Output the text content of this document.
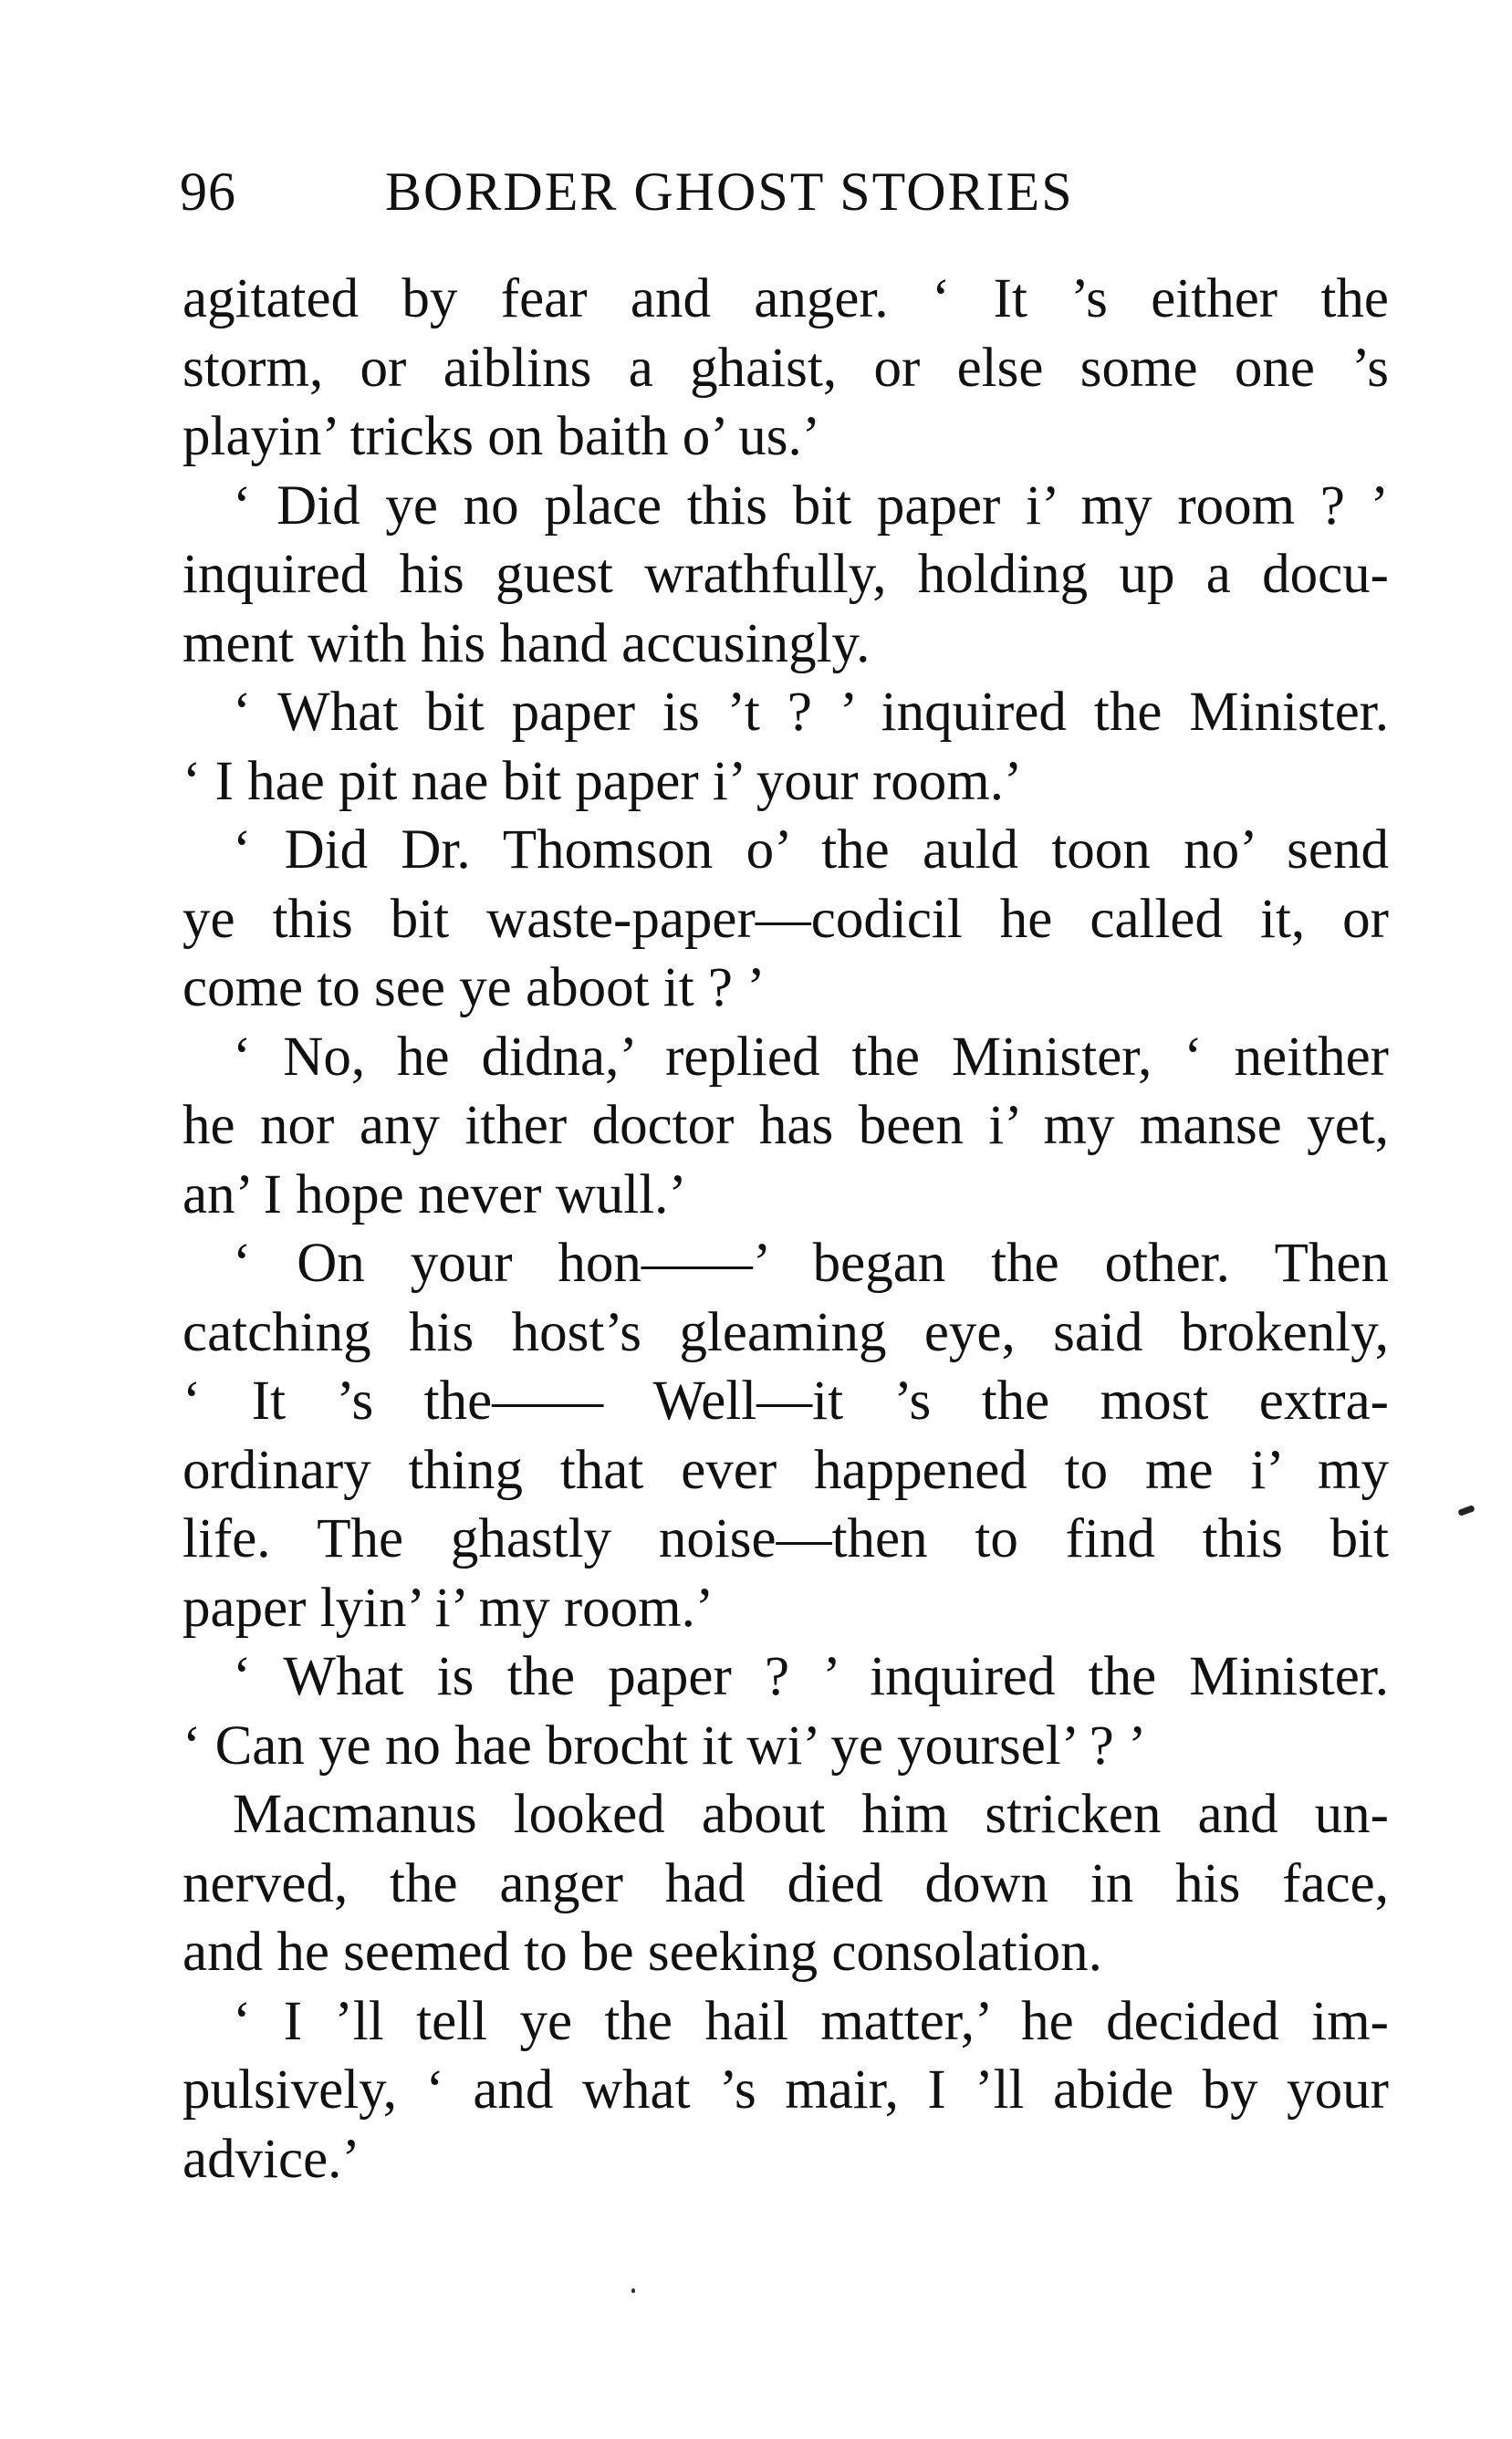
96	BORDER GHOST STORIES
agitated by fear and anger. ‘ It ’s either the
storm, or aiblins a ghaist, or else some one ’s
playin’ tricks on baith o’ us.’
‘ Did ye no place this bit paper i’ my room ? ’
inquired his guest wrathfully, holding up a docu-
ment with his hand accusingly.
‘ What bit paper is ’t ? ’ inquired the Minister.
‘ I hae pit nae bit paper i’ your room.’
‘ Did Dr. Thomson o’ the auld toon no’ send
ye this bit waste-paper—codicil he called it, or
come to see ye aboot it ? ’
‘ No, he didna,’ replied the Minister, ‘ neither
he nor any ither doctor has been i’ my manse yet,
an’ I hope never wull.’
‘ On your hon——’ began the other. Then
catching his host’s gleaming eye, said brokenly,
‘ It ’s the—— Well—it ’s the most extra-
ordinary thing that ever happened to me i’ my
life. The ghastly noise—then to find this bit
paper lyin’ i’ my room.’
‘ What is the paper ? ’ inquired the Minister.
‘ Can ye no hae brocht it wi’ ye yoursel’ ? ’
Macmanus looked about him stricken and un-
nerved, the anger had died down in his face,
and he seemed to be seeking consolation.
‘ I ’ll tell ye the hail matter,’ he decided im-
pulsively, ‘ and what ’s mair, I ’ll abide by your
advice.’
